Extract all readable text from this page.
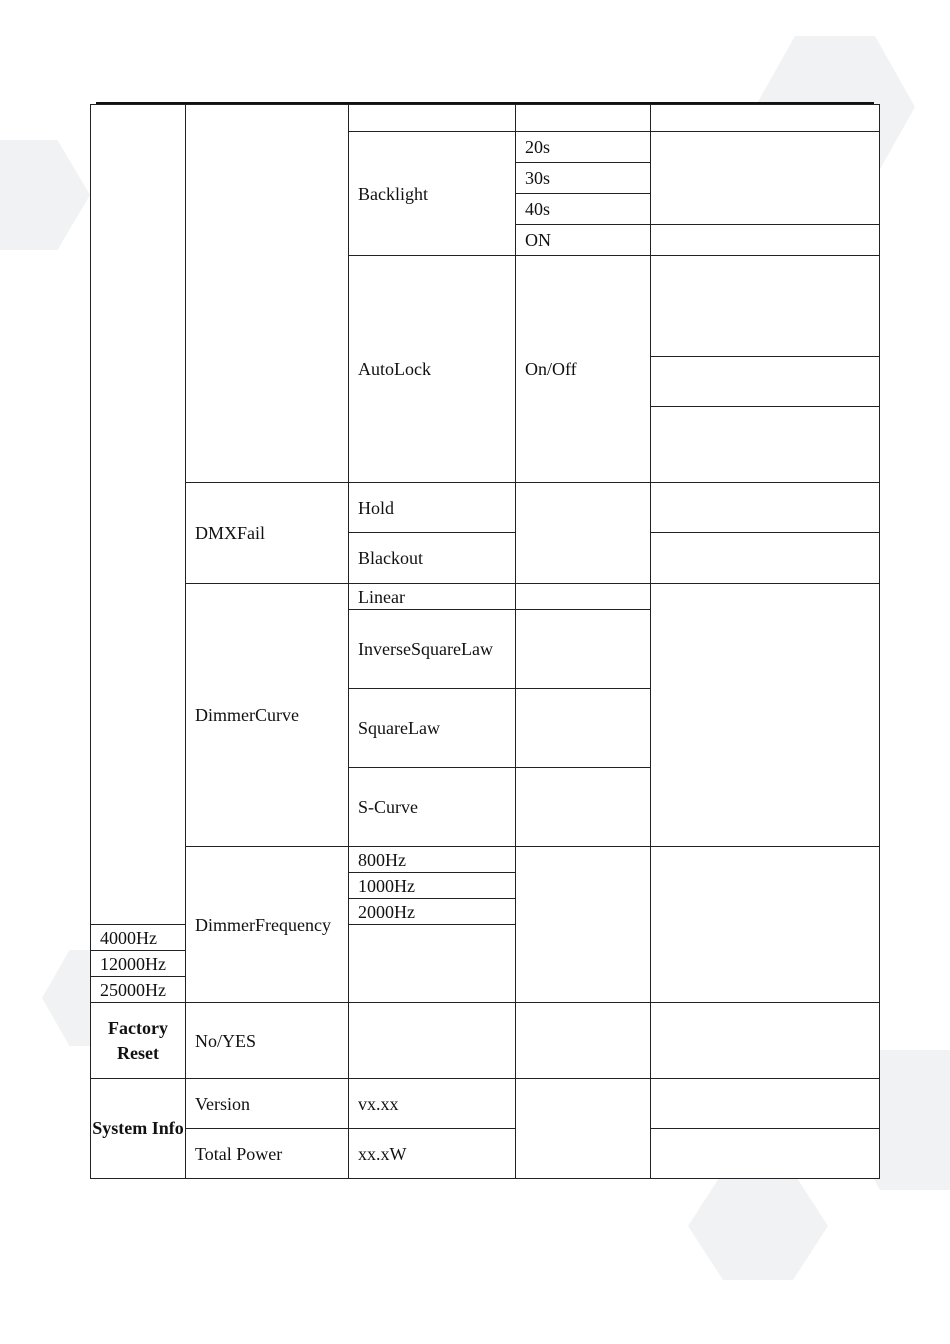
		Backlight	20s	
			30s	
			40s	
			ON	
		AutoLock	On/Off	

	DMXFail	Hold		
		Blackout		
	DimmerCurve	Linear		
		InverseSquareLaw		
		SquareLaw		
		S-Curve		
	DimmerFrequency	800Hz		
		1000Hz		
		2000Hz		
4000Hz				
12000Hz				
25000Hz				
Factory Reset	No/YES			
System Info	Version	vx.xx		
	Total Power	xx.xW		
